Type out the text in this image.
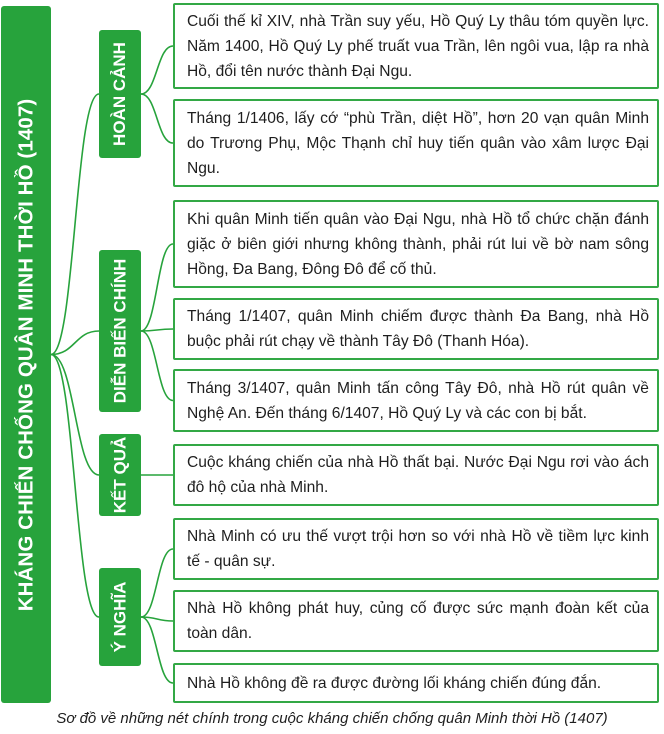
KHÁNG CHIẾN CHỐNG QUÂN MINH THỜI HỒ (1407)
HOÀN CẢNH
DIỄN BIẾN CHÍNH
KẾT QUẢ
Ý NGHĨA
Cuối thế kỉ XIV, nhà Trần suy yếu, Hồ Quý Ly thâu tóm quyền lực. Năm 1400, Hồ Quý Ly phế truất vua Trần, lên ngôi vua, lập ra nhà Hồ, đổi tên nước thành Đại Ngu.
Tháng 1/1406, lấy cớ “phù Trần, diệt Hồ”, hơn 20 vạn quân Minh do Trương Phụ, Mộc Thạnh chỉ huy tiến quân vào xâm lược Đại Ngu.
Khi quân Minh tiến quân vào Đại Ngu, nhà Hồ tổ chức chặn đánh giặc ở biên giới nhưng không thành, phải rút lui về bờ nam sông Hồng, Đa Bang, Đông Đô để cố thủ.
Tháng 1/1407, quân Minh chiếm được thành Đa Bang, nhà Hồ buộc phải rút chạy về thành Tây Đô (Thanh Hóa).
Tháng 3/1407, quân Minh tấn công Tây Đô, nhà Hồ rút quân về Nghệ An. Đến tháng 6/1407, Hồ Quý Ly và các con bị bắt.
Cuộc kháng chiến của nhà Hồ thất bại. Nước Đại Ngu rơi vào ách đô hộ của nhà Minh.
Nhà Minh có ưu thế vượt trội hơn so với nhà Hồ về tiềm lực kinh tế - quân sự.
Nhà Hồ không phát huy, củng cố được sức mạnh đoàn kết của toàn dân.
Nhà Hồ không đề ra được đường lối kháng chiến đúng đắn.
Sơ đồ về những nét chính trong cuộc kháng chiến chống quân Minh thời Hồ (1407)
